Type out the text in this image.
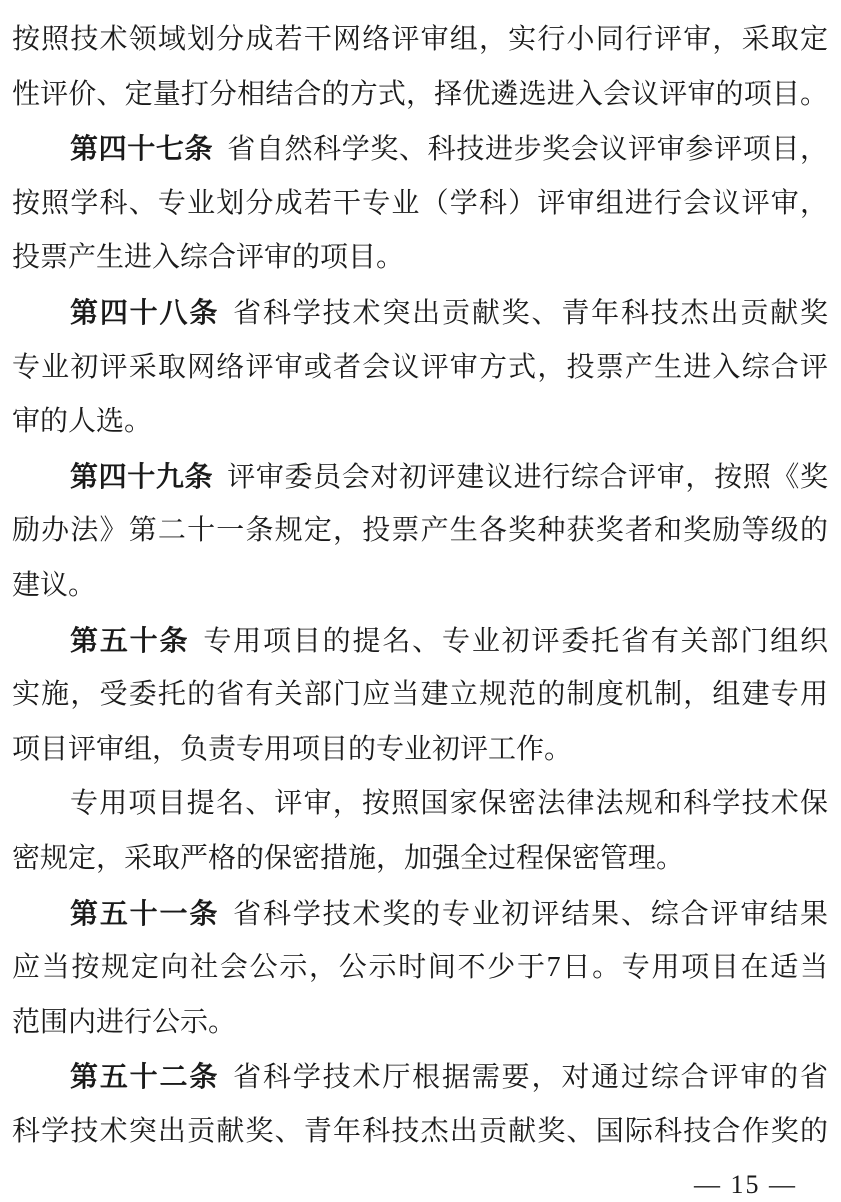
按照技术领域划分成若干网络评审组，实行小同行评审，采取定
性评价、定量打分相结合的方式，择优遴选进入会议评审的项目。
第四十七条 省自然科学奖、科技进步奖会议评审参评项目，
按照学科、专业划分成若干专业（学科）评审组进行会议评审，
投票产生进入综合评审的项目。
第四十八条 省科学技术突出贡献奖、青年科技杰出贡献奖
专业初评采取网络评审或者会议评审方式，投票产生进入综合评
审的人选。
第四十九条 评审委员会对初评建议进行综合评审，按照《奖
励办法》第二十一条规定，投票产生各奖种获奖者和奖励等级的
建议。
第五十条 专用项目的提名、专业初评委托省有关部门组织
实施，受委托的省有关部门应当建立规范的制度机制，组建专用
项目评审组，负责专用项目的专业初评工作。
专用项目提名、评审，按照国家保密法律法规和科学技术保
密规定，采取严格的保密措施，加强全过程保密管理。
第五十一条 省科学技术奖的专业初评结果、综合评审结果
应当按规定向社会公示，公示时间不少于7日。专用项目在适当
范围内进行公示。
第五十二条 省科学技术厅根据需要，对通过综合评审的省
科学技术突出贡献奖、青年科技杰出贡献奖、国际科技合作奖的
— 15 —
